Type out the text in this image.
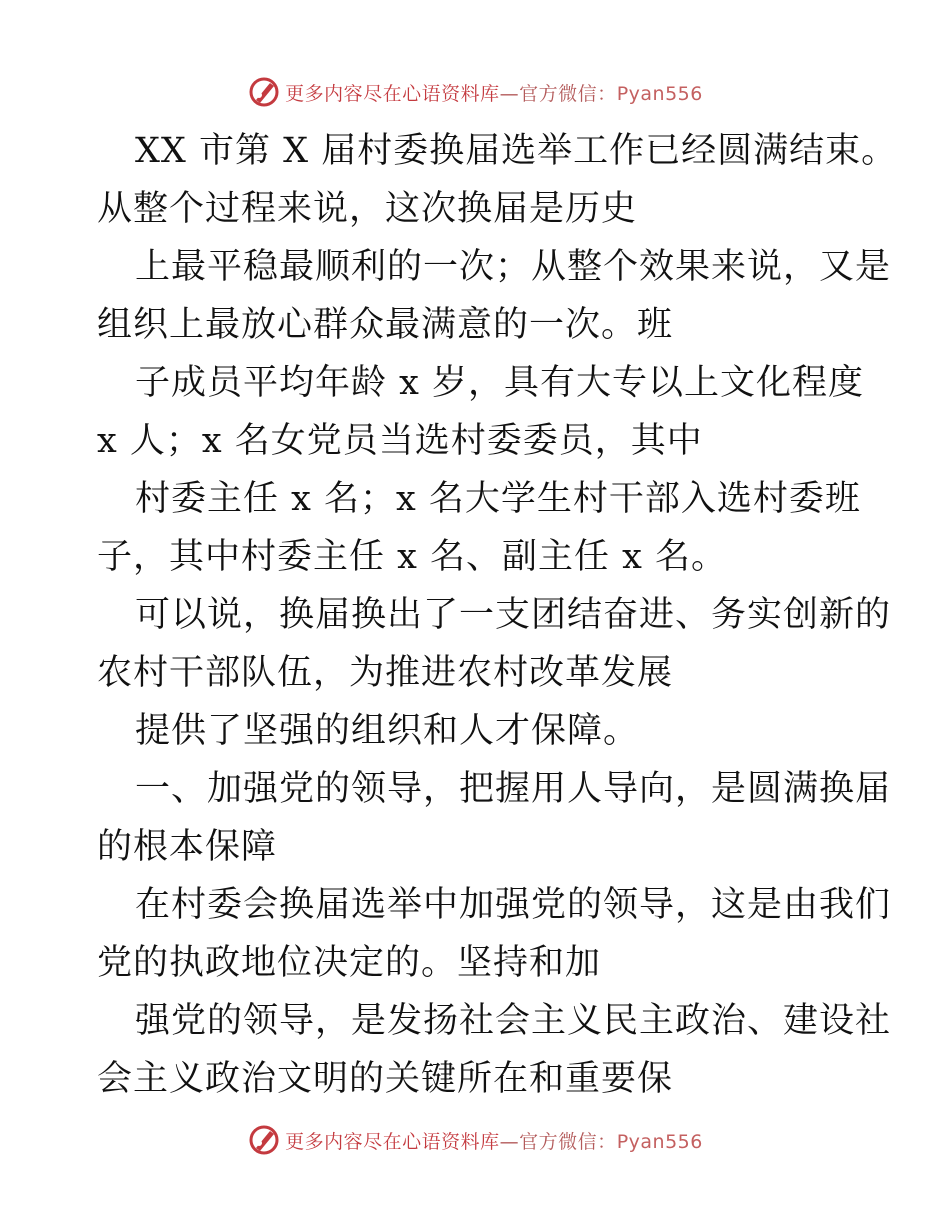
更多内容尽在心语资料库—官方微信：Pyan556
XX 市第 X 届村委换届选举工作已经圆满结束。
从整个过程来说，这次换届是历史
上最平稳最顺利的一次；从整个效果来说，又是
组织上最放心群众最满意的一次。班
子成员平均年龄 x 岁，具有大专以上文化程度
x 人；x 名女党员当选村委委员，其中
村委主任 x 名；x 名大学生村干部入选村委班
子，其中村委主任 x 名、副主任 x 名。
可以说，换届换出了一支团结奋进、务实创新的
农村干部队伍，为推进农村改革发展
提供了坚强的组织和人才保障。
一、加强党的领导，把握用人导向，是圆满换届
的根本保障
在村委会换届选举中加强党的领导，这是由我们
党的执政地位决定的。坚持和加
强党的领导，是发扬社会主义民主政治、建设社
会主义政治文明的关键所在和重要保
更多内容尽在心语资料库—官方微信：Pyan556
